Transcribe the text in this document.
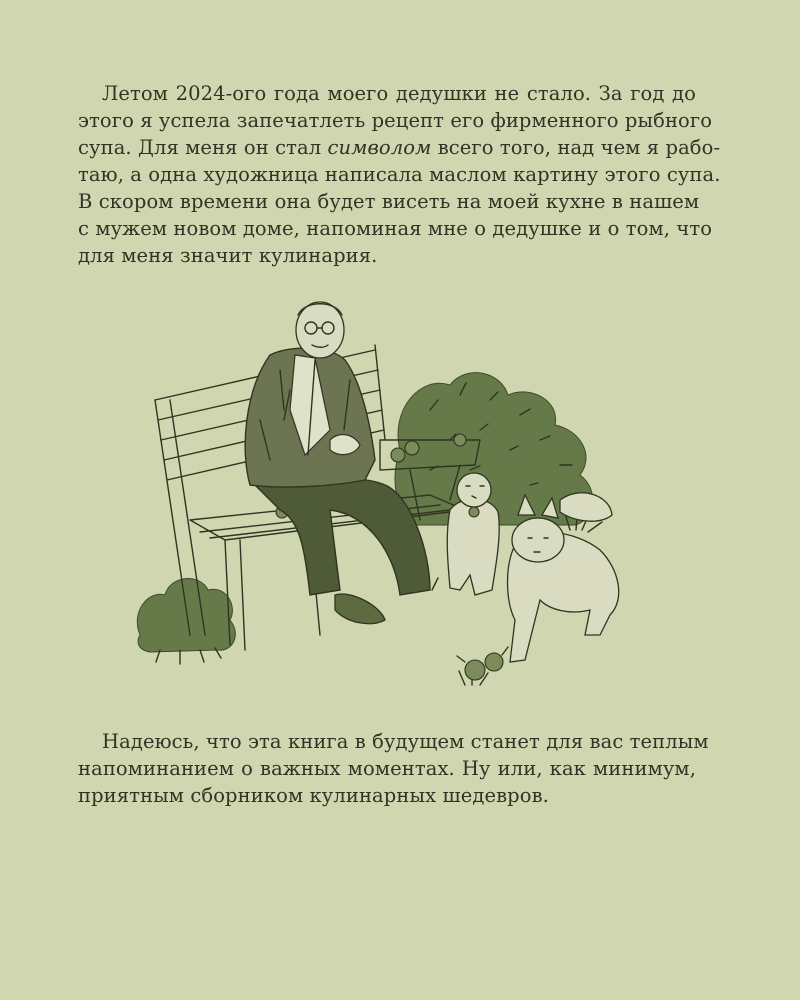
Летом 2024-ого года моего дедушки не стало. За год до
этого я успела запечатлеть рецепт его фирменного рыбного
супа. Для меня он стал символом всего того, над чем я рабо-
таю, а одна художница написала маслом картину этого супа.
В скором времени она будет висеть на моей кухне в нашем
с мужем новом доме, напоминая мне о дедушке и о том, что
для меня значит кулинария.
Надеюсь, что эта книга в будущем станет для вас теплым
напоминанием о важных моментах. Ну или, как минимум,
приятным сборником кулинарных шедевров.
